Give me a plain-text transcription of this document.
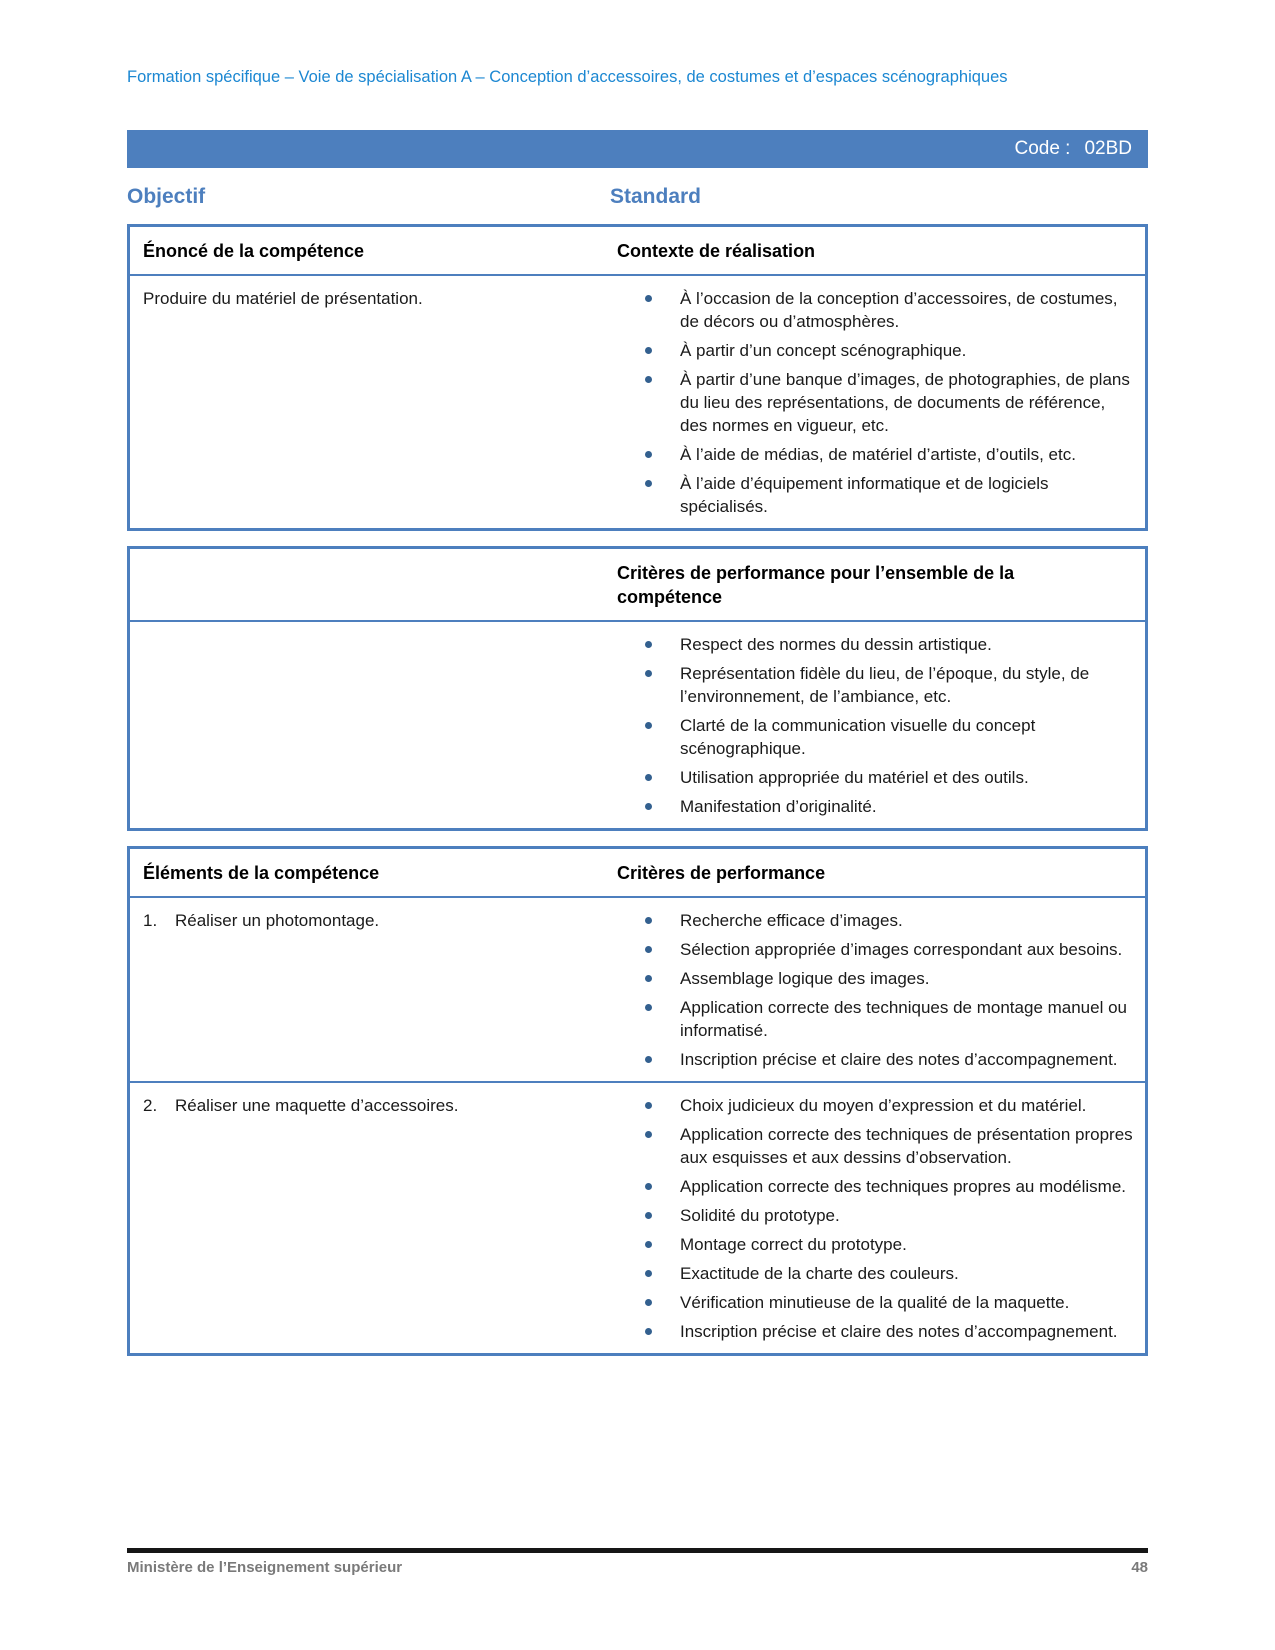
Formation spécifique – Voie de spécialisation A – Conception d’accessoires, de costumes et d’espaces scénographiques

Code : 02BD
Objectif	Standard
Énoncé de la compétence	Contexte de réalisation
Produire du matériel de présentation.	À l’occasion de la conception d’accessoires, de costumes, de décors ou d’atmosphères.
À partir d’un concept scénographique.
À partir d’une banque d’images, de photographies, de plans du lieu des représentations, de documents de référence, des normes en vigueur, etc.
À l’aide de médias, de matériel d’artiste, d’outils, etc.
À l’aide d’équipement informatique et de logiciels spécialisés.
Critères de performance pour l’ensemble de la compétence
Respect des normes du dessin artistique.
Représentation fidèle du lieu, de l’époque, du style, de l’environnement, de l’ambiance, etc.
Clarté de la communication visuelle du concept scénographique.
Utilisation appropriée du matériel et des outils.
Manifestation d’originalité.
Éléments de la compétence	Critères de performance
1.	Réaliser un photomontage.	Recherche efficace d’images.
Sélection appropriée d’images correspondant aux besoins.
Assemblage logique des images.
Application correcte des techniques de montage manuel ou informatisé.
Inscription précise et claire des notes d’accompagnement.
2.	Réaliser une maquette d’accessoires.	Choix judicieux du moyen d’expression et du matériel.
Application correcte des techniques de présentation propres aux esquisses et aux dessins d’observation.
Application correcte des techniques propres au modélisme.
Solidité du prototype.
Montage correct du prototype.
Exactitude de la charte des couleurs.
Vérification minutieuse de la qualité de la maquette.
Inscription précise et claire des notes d’accompagnement.
Ministère de l’Enseignement supérieur	48
